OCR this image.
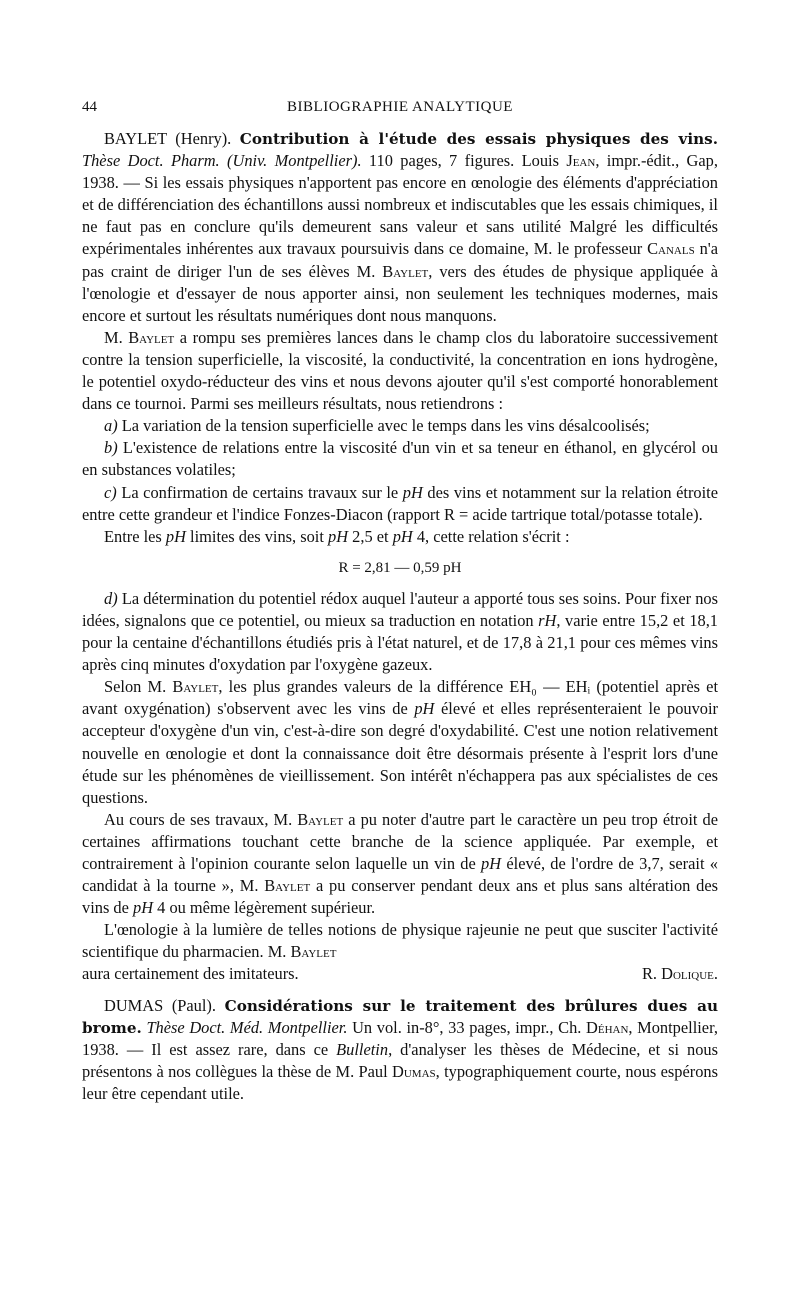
44	BIBLIOGRAPHIE ANALYTIQUE

BAYLET (Henry). Contribution à l'étude des essais physiques des vins. Thèse Doct. Pharm. (Univ. Montpellier). 110 pages, 7 figures. Louis Jean, impr.-édit., Gap, 1938. — Si les essais physiques n'apportent pas encore en œnologie des éléments d'appréciation et de différenciation des échantillons aussi nombreux et indiscutables que les essais chimiques, il ne faut pas en conclure qu'ils demeurent sans valeur et sans utilité Malgré les difficultés expérimentales inhérentes aux travaux poursuivis dans ce domaine, M. le professeur Canals n'a pas craint de diriger l'un de ses élèves M. Baylet, vers des études de physique appliquée à l'œnologie et d'essayer de nous apporter ainsi, non seulement les techniques modernes, mais encore et surtout les résultats numériques dont nous manquons.

M. Baylet a rompu ses premières lances dans le champ clos du laboratoire successivement contre la tension superficielle, la viscosité, la conductivité, la concentration en ions hydrogène, le potentiel oxydo-réducteur des vins et nous devons ajouter qu'il s'est comporté honorablement dans ce tournoi. Parmi ses meilleurs résultats, nous retiendrons :

a) La variation de la tension superficielle avec le temps dans les vins désalcoolisés;

b) L'existence de relations entre la viscosité d'un vin et sa teneur en éthanol, en glycérol ou en substances volatiles;

c) La confirmation de certains travaux sur le pH des vins et notamment sur la relation étroite entre cette grandeur et l'indice Fonzes-Diacon (rapport R = acide tartrique total/potasse totale).

Entre les pH limites des vins, soit pH 2,5 et pH 4, cette relation s'écrit :

R = 2,81 — 0,59 pH

d) La détermination du potentiel rédox auquel l'auteur a apporté tous ses soins. Pour fixer nos idées, signalons que ce potentiel, ou mieux sa traduction en notation rH, varie entre 15,2 et 18,1 pour la centaine d'échantillons étudiés pris à l'état naturel, et de 17,8 à 21,1 pour ces mêmes vins après cinq minutes d'oxydation par l'oxygène gazeux.

Selon M. Baylet, les plus grandes valeurs de la différence EH₀ — EHᵢ (potentiel après et avant oxygénation) s'observent avec les vins de pH élevé et elles représenteraient le pouvoir accepteur d'oxygène d'un vin, c'est-à-dire son degré d'oxydabilité. C'est une notion relativement nouvelle en œnologie et dont la connaissance doit être désormais présente à l'esprit lors d'une étude sur les phénomènes de vieillissement. Son intérêt n'échappera pas aux spécialistes de ces questions.

Au cours de ses travaux, M. Baylet a pu noter d'autre part le caractère un peu trop étroit de certaines affirmations touchant cette branche de la science appliquée. Par exemple, et contrairement à l'opinion courante selon laquelle un vin de pH élevé, de l'ordre de 3,7, serait « candidat à la tourne », M. Baylet a pu conserver pendant deux ans et plus sans altération des vins de pH 4 ou même légèrement supérieur.

L'œnologie à la lumière de telles notions de physique rajeunie ne peut que susciter l'activité scientifique du pharmacien. M. Baylet

aura certainement des imitateurs.	R. Dolique.

DUMAS (Paul). Considérations sur le traitement des brûlures dues au brome. Thèse Doct. Méd. Montpellier. Un vol. in-8°, 33 pages, impr., Ch. Déhan, Montpellier, 1938. — Il est assez rare, dans ce Bulletin, d'analyser les thèses de Médecine, et si nous présentons à nos collègues la thèse de M. Paul Dumas, typographiquement courte, nous espérons leur être cependant utile.
